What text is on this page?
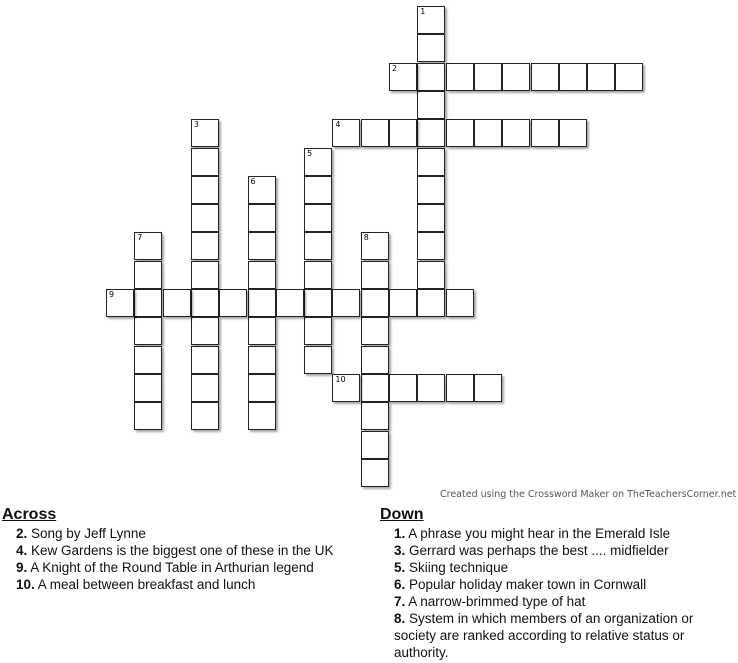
1
2
3	4
5
6
7	8
9
10
Created using the Crossword Maker on TheTeachersCorner.net
Across
2. Song by Jeff Lynne
4. Kew Gardens is the biggest one of these in the UK
9. A Knight of the Round Table in Arthurian legend
10. A meal between breakfast and lunch
Down
1. A phrase you might hear in the Emerald Isle
3. Gerrard was perhaps the best .... midfielder
5. Skiing technique
6. Popular holiday maker town in Cornwall
7. A narrow-brimmed type of hat
8. System in which members of an organization or society are ranked according to relative status or authority.
